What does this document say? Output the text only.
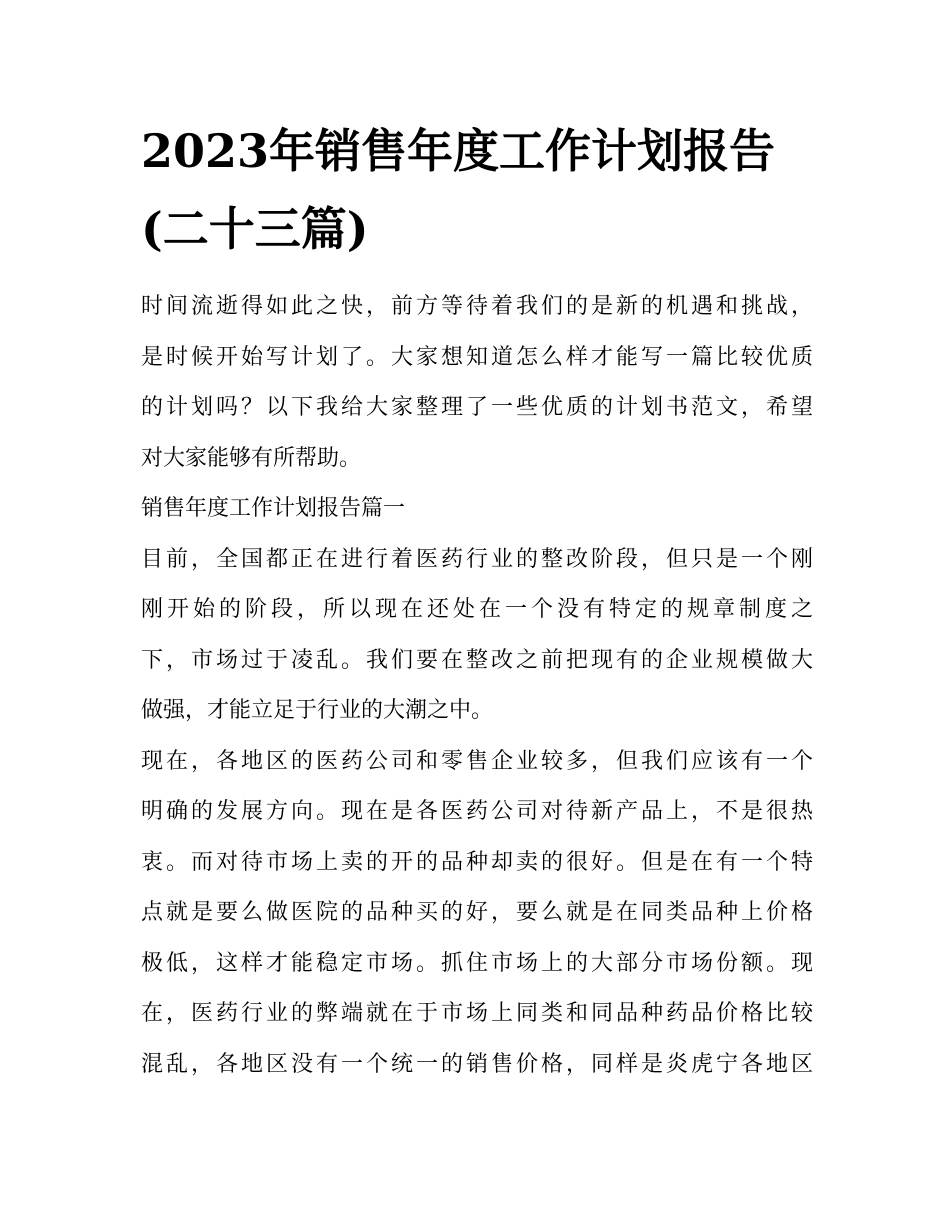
2023年销售年度工作计划报告
(二十三篇)

时间流逝得如此之快，前方等待着我们的是新的机遇和挑战，
是时候开始写计划了。大家想知道怎么样才能写一篇比较优质
的计划吗？以下我给大家整理了一些优质的计划书范文，希望
对大家能够有所帮助。

销售年度工作计划报告篇一

目前，全国都正在进行着医药行业的整改阶段，但只是一个刚
刚开始的阶段，所以现在还处在一个没有特定的规章制度之
下，市场过于凌乱。我们要在整改之前把现有的企业规模做大
做强，才能立足于行业的大潮之中。

现在，各地区的医药公司和零售企业较多，但我们应该有一个
明确的发展方向。现在是各医药公司对待新产品上，不是很热
衷。而对待市场上卖的开的品种却卖的很好。但是在有一个特
点就是要么做医院的品种买的好，要么就是在同类品种上价格
极低，这样才能稳定市场。抓住市场上的大部分市场份额。现
在，医药行业的弊端就在于市场上同类和同品种药品价格比较
混乱，各地区没有一个统一的销售价格，同样是炎虎宁各地区
